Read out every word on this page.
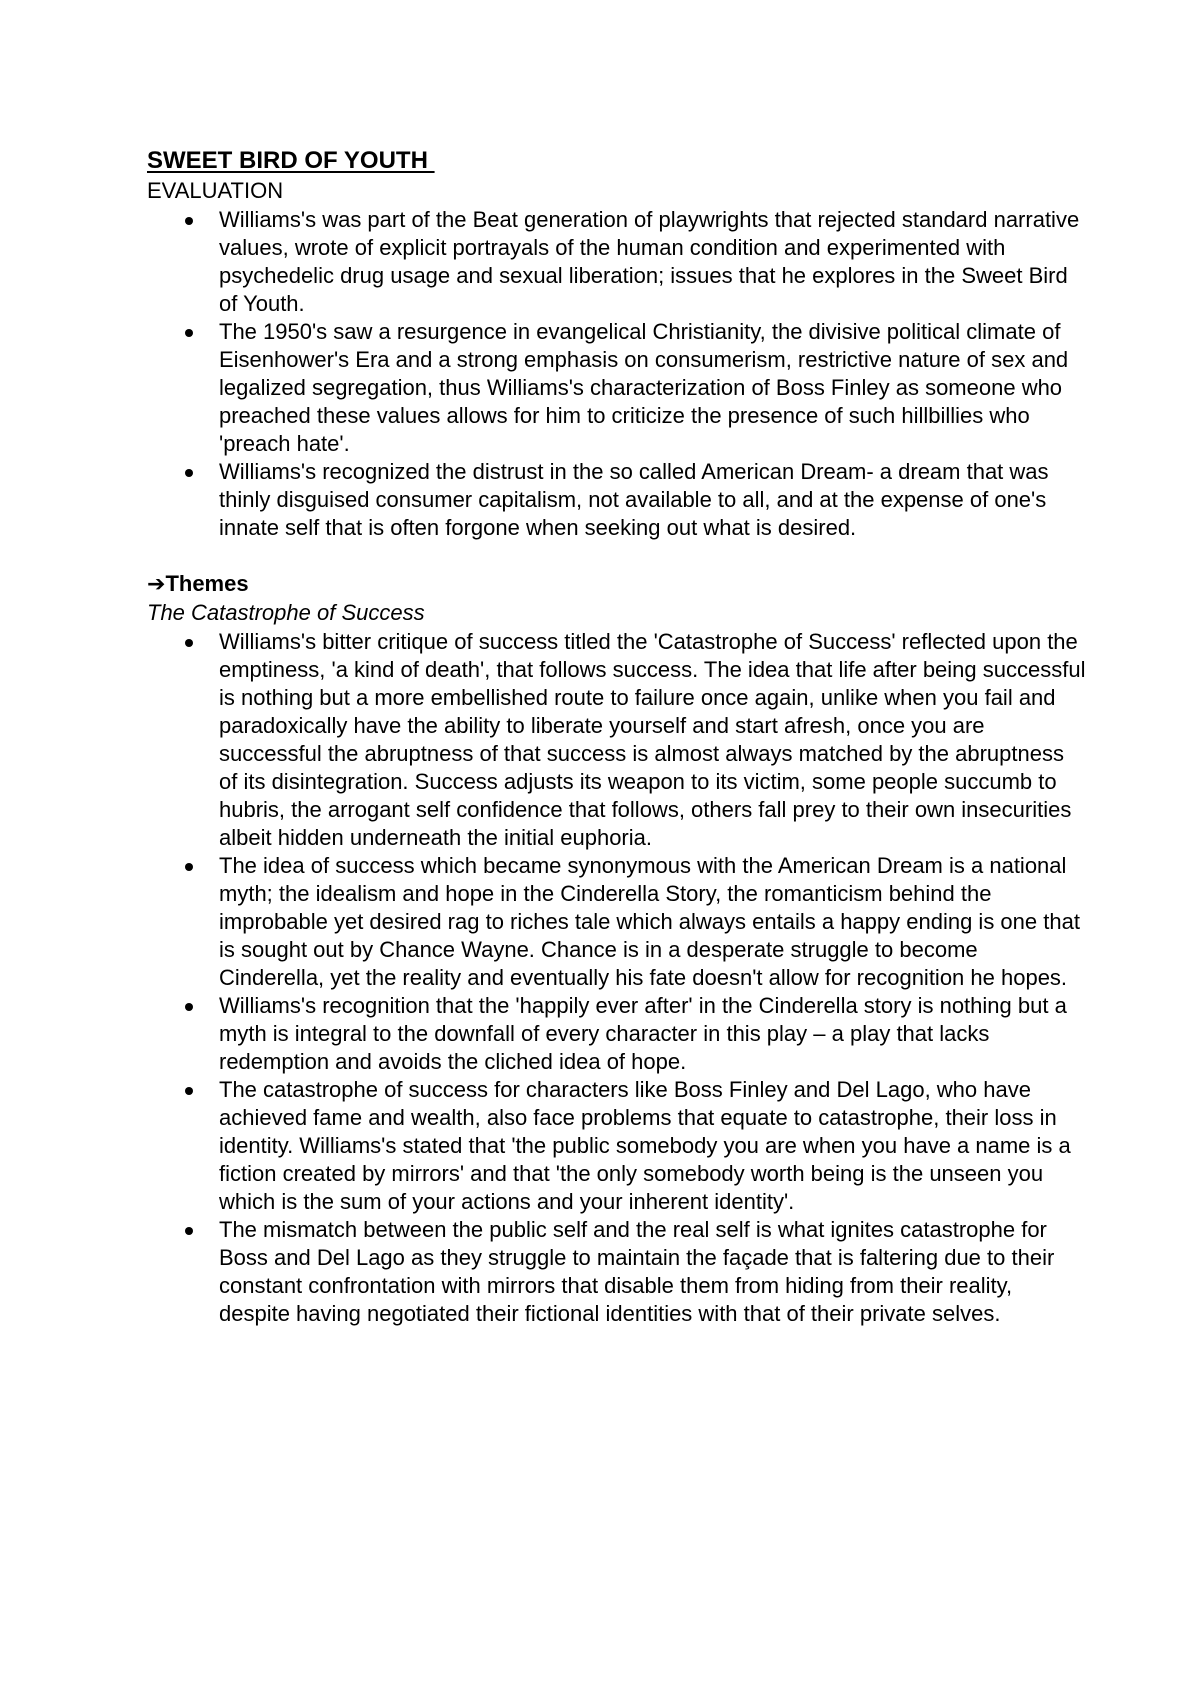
SWEET BIRD OF YOUTH

EVALUATION

Williams's was part of the Beat generation of playwrights that rejected standard narrative values, wrote of explicit portrayals of the human condition and experimented with psychedelic drug usage and sexual liberation; issues that he explores in the Sweet Bird of Youth.
The 1950's saw a resurgence in evangelical Christianity, the divisive political climate of Eisenhower's Era and a strong emphasis on consumerism, restrictive nature of sex and legalized segregation, thus Williams's characterization of Boss Finley as someone who preached these values allows for him to criticize the presence of such hillbillies who 'preach hate'.
Williams's recognized the distrust in the so called American Dream- a dream that was thinly disguised consumer capitalism, not available to all, and at the expense of one's innate self that is often forgone when seeking out what is desired.
➔Themes

The Catastrophe of Success

Williams's bitter critique of success titled the 'Catastrophe of Success' reflected upon the emptiness, 'a kind of death', that follows success. The idea that life after being successful is nothing but a more embellished route to failure once again, unlike when you fail and paradoxically have the ability to liberate yourself and start afresh, once you are successful the abruptness of that success is almost always matched by the abruptness of its disintegration. Success adjusts its weapon to its victim, some people succumb to hubris, the arrogant self confidence that follows, others fall prey to their own insecurities albeit hidden underneath the initial euphoria.
The idea of success which became synonymous with the American Dream is a national myth; the idealism and hope in the Cinderella Story, the romanticism behind the improbable yet desired rag to riches tale which always entails a happy ending is one that is sought out by Chance Wayne. Chance is in a desperate struggle to become Cinderella, yet the reality and eventually his fate doesn't allow for recognition he hopes.
Williams's recognition that the 'happily ever after' in the Cinderella story is nothing but a myth is integral to the downfall of every character in this play – a play that lacks redemption and avoids the cliched idea of hope.
The catastrophe of success for characters like Boss Finley and Del Lago, who have achieved fame and wealth, also face problems that equate to catastrophe, their loss in identity. Williams's stated that 'the public somebody you are when you have a name is a fiction created by mirrors' and that 'the only somebody worth being is the unseen you which is the sum of your actions and your inherent identity'.
The mismatch between the public self and the real self is what ignites catastrophe for Boss and Del Lago as they struggle to maintain the façade that is faltering due to their constant confrontation with mirrors that disable them from hiding from their reality, despite having negotiated their fictional identities with that of their private selves.
